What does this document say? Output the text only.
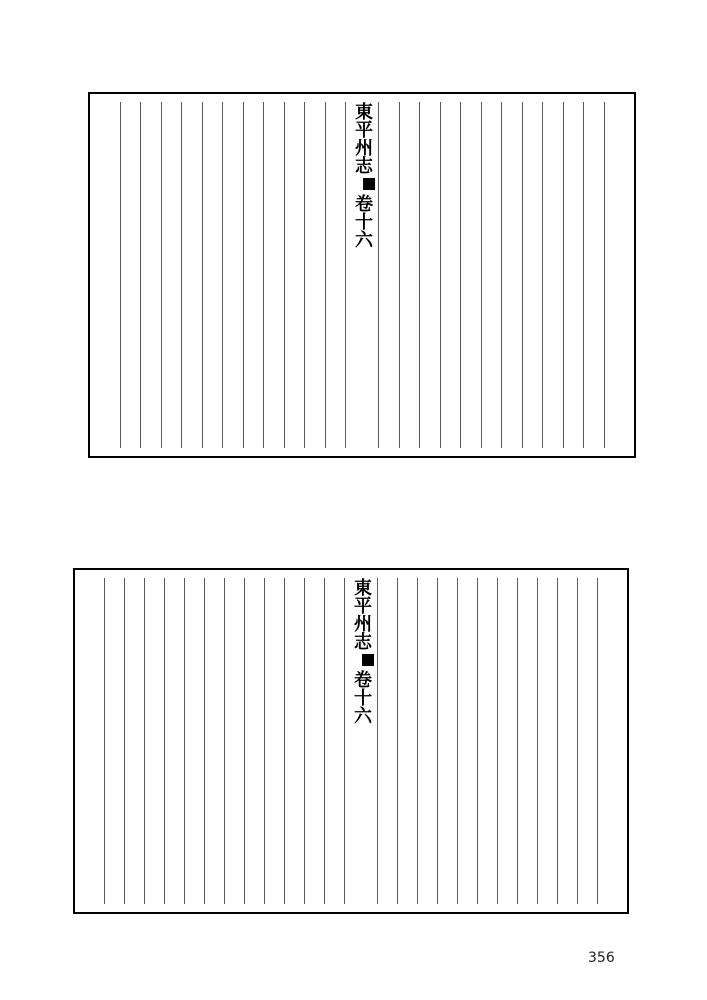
東平州志
卷十六
東平州志
卷十六
356
